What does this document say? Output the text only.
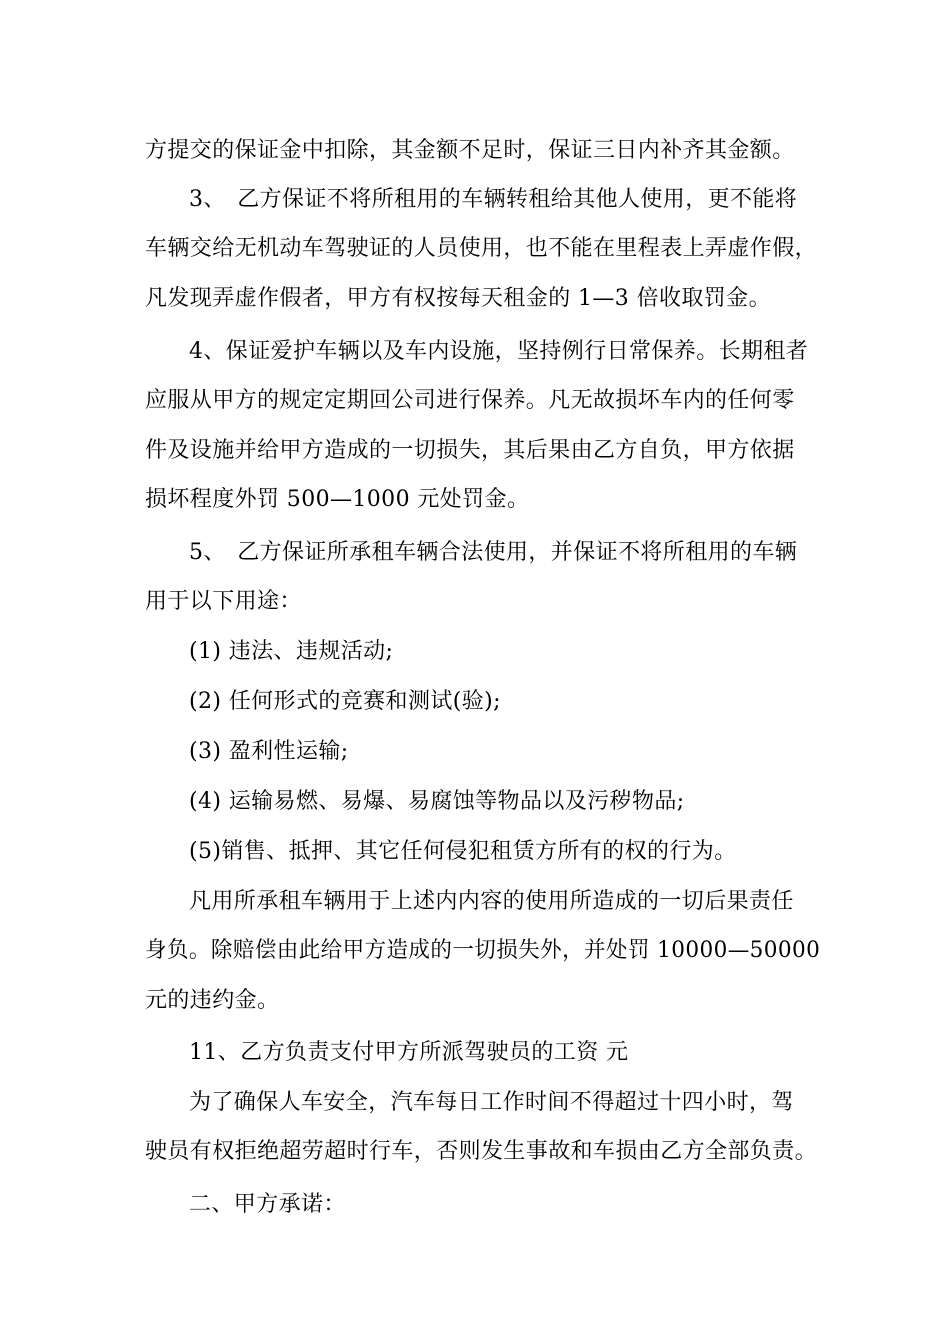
方提交的保证金中扣除，其金额不足时，保证三日内补齐其金额。
3、　乙方保证不将所租用的车辆转租给其他人使用，更不能将
车辆交给无机动车驾驶证的人员使用，也不能在里程表上弄虚作假，
凡发现弄虚作假者，甲方有权按每天租金的 1—3 倍收取罚金。
4、保证爱护车辆以及车内设施，坚持例行日常保养。长期租者
应服从甲方的规定定期回公司进行保养。凡无故损坏车内的任何零
件及设施并给甲方造成的一切损失，其后果由乙方自负，甲方依据
损坏程度外罚 500—1000 元处罚金。
5、　乙方保证所承租车辆合法使用，并保证不将所租用的车辆
用于以下用途：
(1) 违法、违规活动;
(2) 任何形式的竞赛和测试(验);
(3) 盈利性运输;
(4) 运输易燃、易爆、易腐蚀等物品以及污秽物品;
(5)销售、抵押、其它任何侵犯租赁方所有的权的行为。
凡用所承租车辆用于上述内内容的使用所造成的一切后果责任
身负。除赔偿由此给甲方造成的一切损失外，并处罚 10000—50000
元的违约金。
11、乙方负责支付甲方所派驾驶员的工资 元
为了确保人车安全，汽车每日工作时间不得超过十四小时，驾
驶员有权拒绝超劳超时行车，否则发生事故和车损由乙方全部负责。
二、甲方承诺：
